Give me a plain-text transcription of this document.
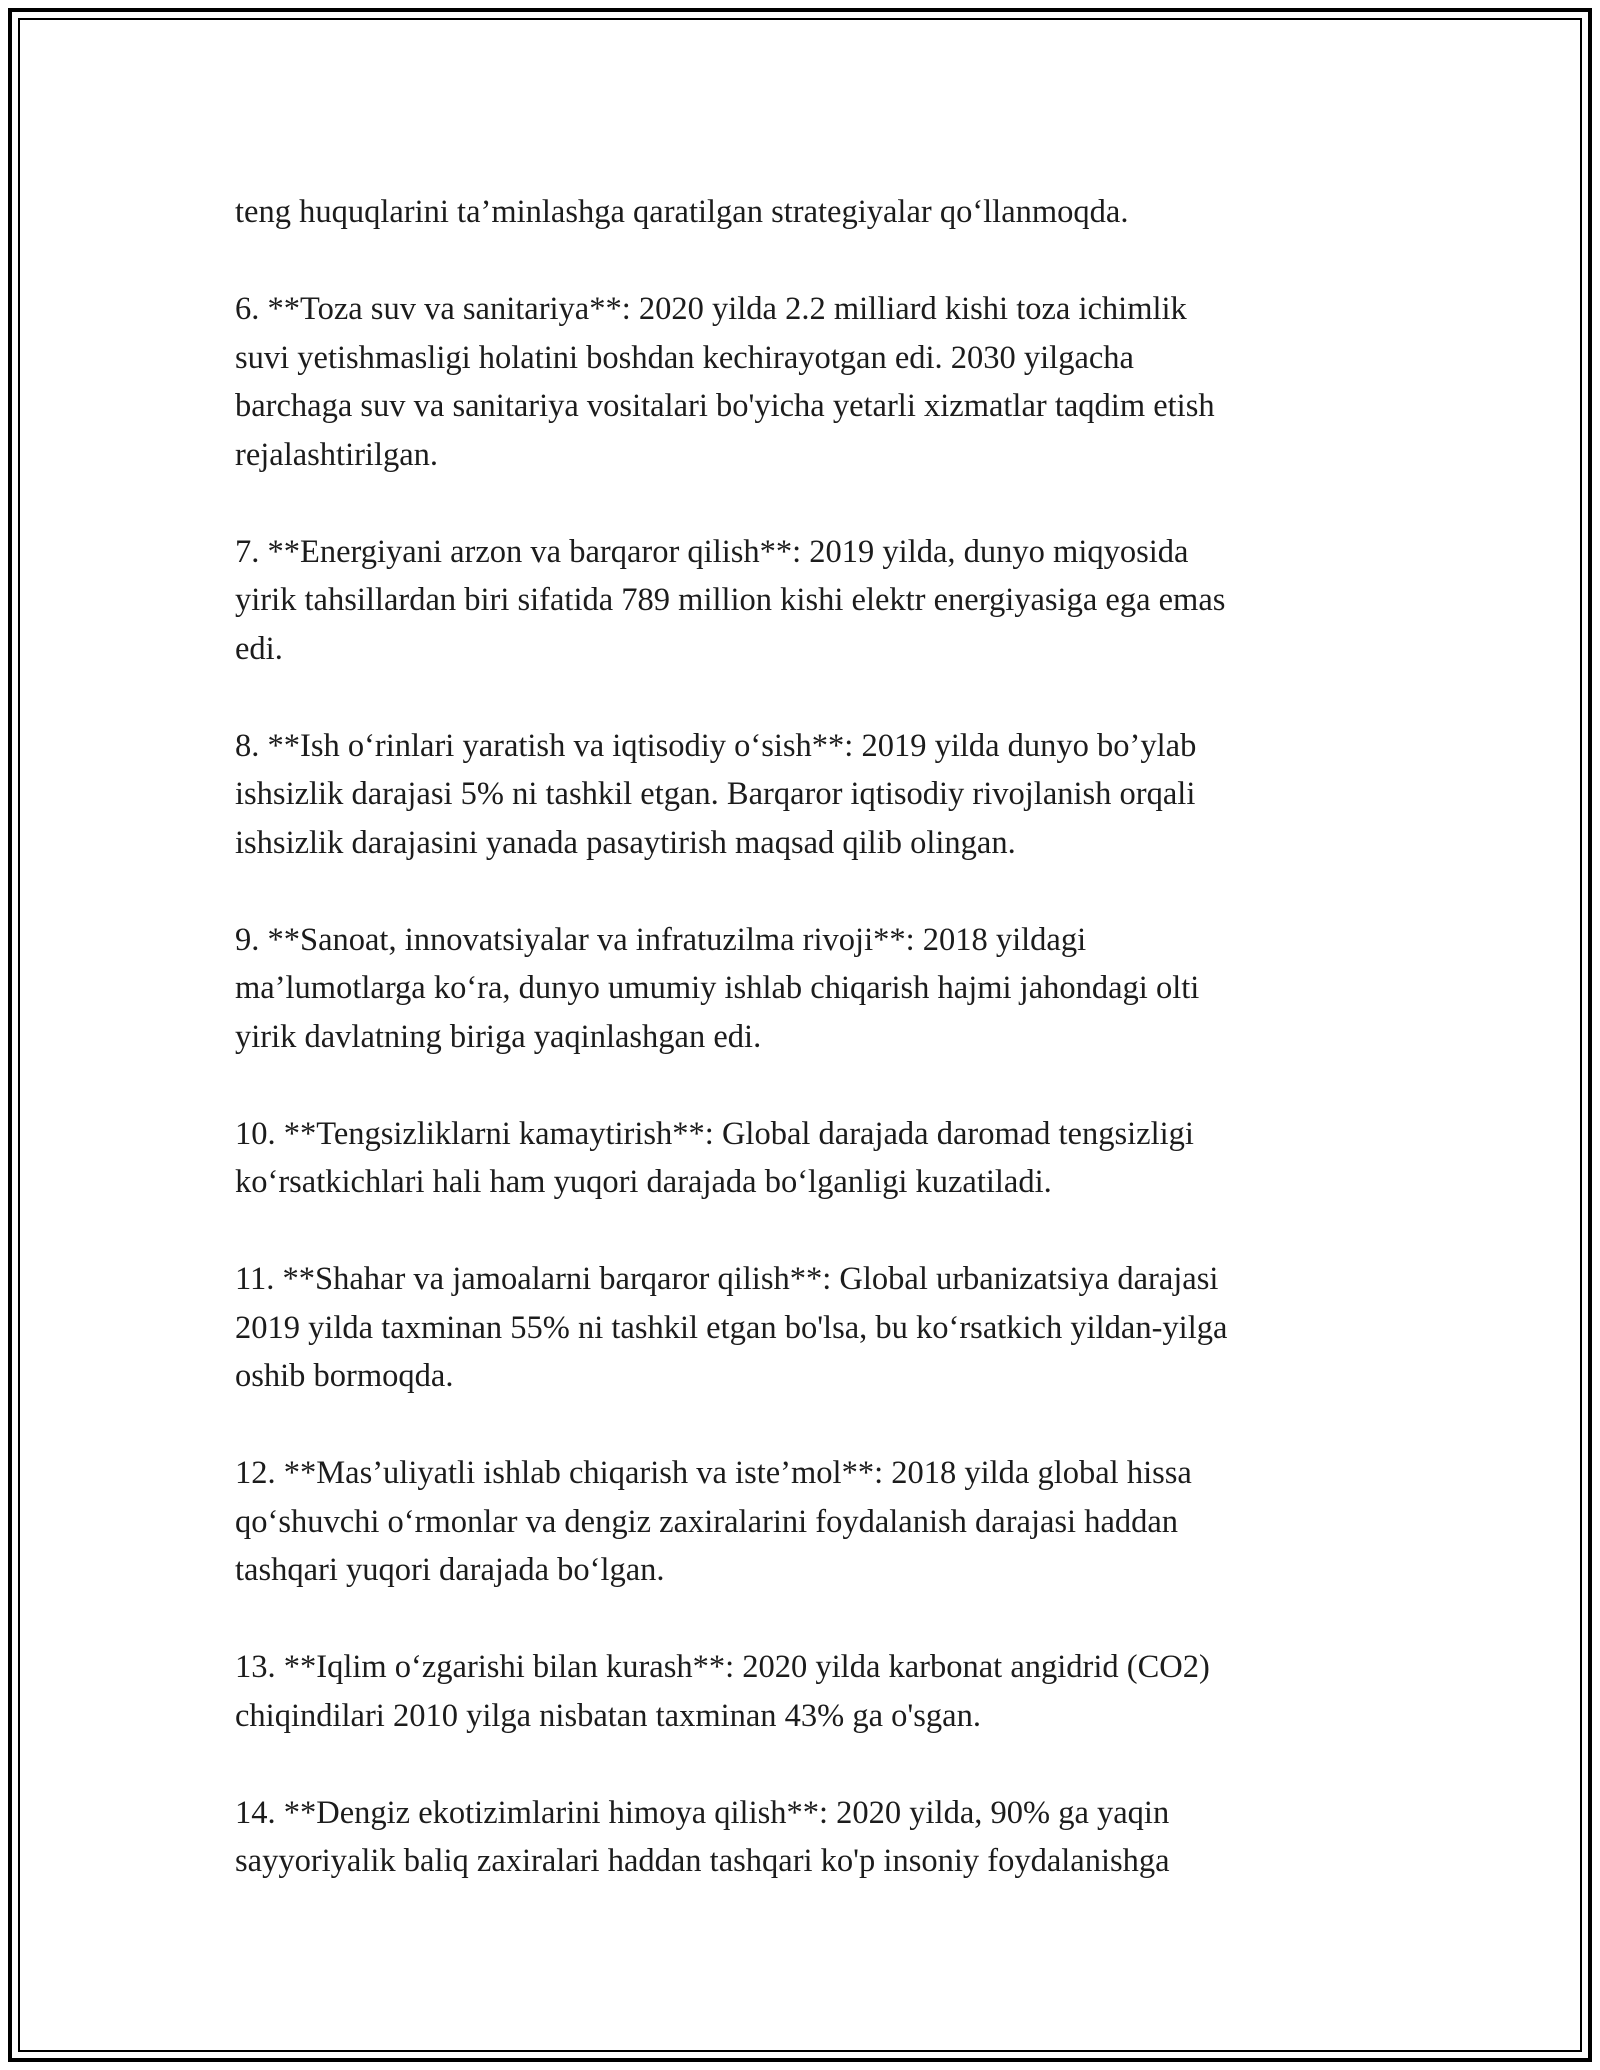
teng huquqlarini ta’minlashga qaratilgan strategiyalar qo‘llanmoqda.

6. **Toza suv va sanitariya**: 2020 yilda 2.2 milliard kishi toza ichimlik
suvi yetishmasligi holatini boshdan kechirayotgan edi. 2030 yilgacha
barchaga suv va sanitariya vositalari bo'yicha yetarli xizmatlar taqdim etish
rejalashtirilgan.

7. **Energiyani arzon va barqaror qilish**: 2019 yilda, dunyo miqyosida
yirik tahsillardan biri sifatida 789 million kishi elektr energiyasiga ega emas
edi.

8. **Ish o‘rinlari yaratish va iqtisodiy o‘sish**: 2019 yilda dunyo bo’ylab
ishsizlik darajasi 5% ni tashkil etgan. Barqaror iqtisodiy rivojlanish orqali
ishsizlik darajasini yanada pasaytirish maqsad qilib olingan.

9. **Sanoat, innovatsiyalar va infratuzilma rivoji**: 2018 yildagi
ma’lumotlarga ko‘ra, dunyo umumiy ishlab chiqarish hajmi jahondagi olti
yirik davlatning biriga yaqinlashgan edi.

10. **Tengsizliklarni kamaytirish**: Global darajada daromad tengsizligi
ko‘rsatkichlari hali ham yuqori darajada bo‘lganligi kuzatiladi.

11. **Shahar va jamoalarni barqaror qilish**: Global urbanizatsiya darajasi
2019 yilda taxminan 55% ni tashkil etgan bo'lsa, bu ko‘rsatkich yildan-yilga
oshib bormoqda.

12. **Mas’uliyatli ishlab chiqarish va iste’mol**: 2018 yilda global hissa
qo‘shuvchi o‘rmonlar va dengiz zaxiralarini foydalanish darajasi haddan
tashqari yuqori darajada bo‘lgan.

13. **Iqlim o‘zgarishi bilan kurash**: 2020 yilda karbonat angidrid (CO2)
chiqindilari 2010 yilga nisbatan taxminan 43% ga o'sgan.

14. **Dengiz ekotizimlarini himoya qilish**: 2020 yilda, 90% ga yaqin
sayyoriyalik baliq zaxiralari haddan tashqari ko'p insoniy foydalanishga
